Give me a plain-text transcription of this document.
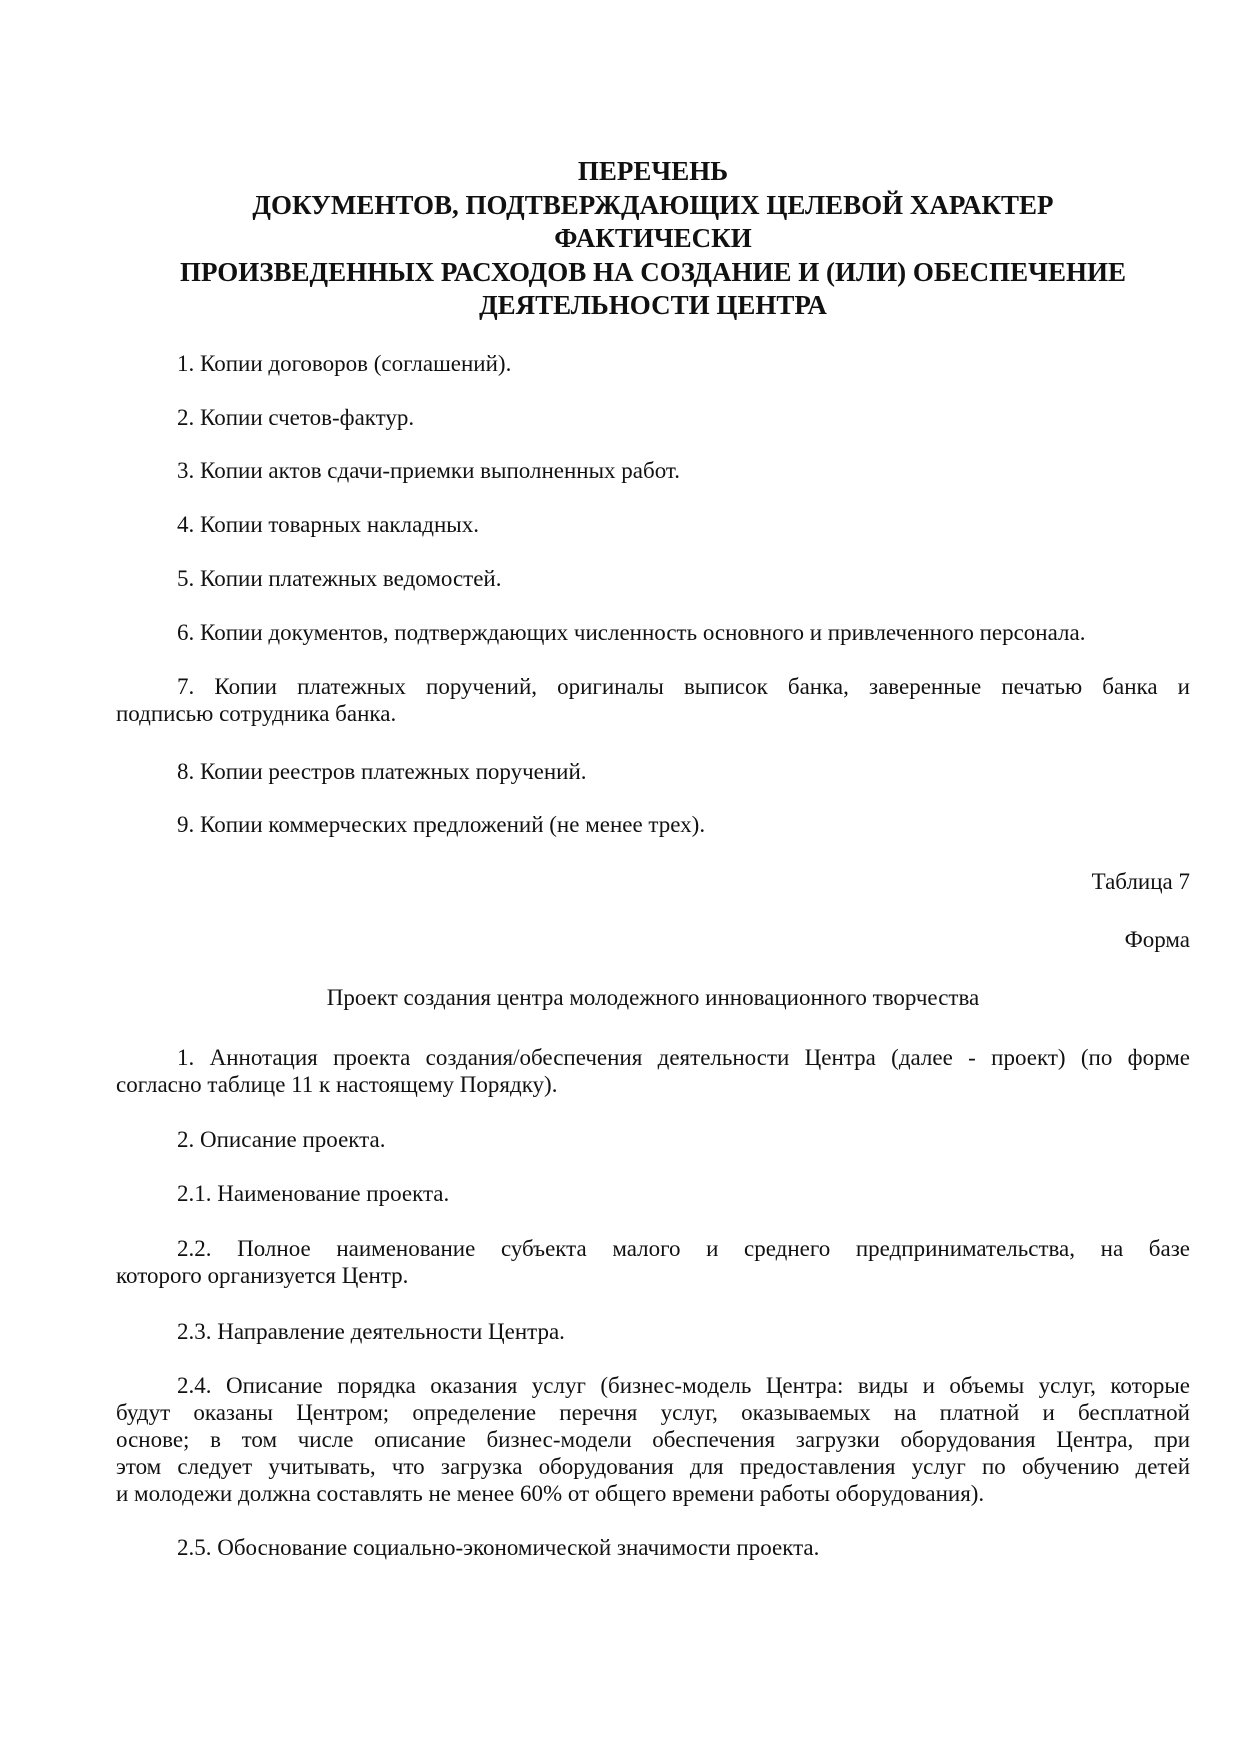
ПЕРЕЧЕНЬ
ДОКУМЕНТОВ, ПОДТВЕРЖДАЮЩИХ ЦЕЛЕВОЙ ХАРАКТЕР
ФАКТИЧЕСКИ
ПРОИЗВЕДЕННЫХ РАСХОДОВ НА СОЗДАНИЕ И (ИЛИ) ОБЕСПЕЧЕНИЕ
ДЕЯТЕЛЬНОСТИ ЦЕНТРА
1. Копии договоров (соглашений).
2. Копии счетов-фактур.
3. Копии актов сдачи-приемки выполненных работ.
4. Копии товарных накладных.
5. Копии платежных ведомостей.
6. Копии документов, подтверждающих численность основного и привлеченного персонала.
7. Копии платежных поручений, оригиналы выписок банка, заверенные печатью банка и
подписью сотрудника банка.
8. Копии реестров платежных поручений.
9. Копии коммерческих предложений (не менее трех).
Таблица 7
Форма
Проект создания центра молодежного инновационного творчества
1. Аннотация проекта создания/обеспечения деятельности Центра (далее - проект) (по форме
согласно таблице 11 к настоящему Порядку).
2. Описание проекта.
2.1. Наименование проекта.
2.2. Полное наименование субъекта малого и среднего предпринимательства, на базе
которого организуется Центр.
2.3. Направление деятельности Центра.
2.4. Описание порядка оказания услуг (бизнес-модель Центра: виды и объемы услуг, которые
будут оказаны Центром; определение перечня услуг, оказываемых на платной и бесплатной
основе; в том числе описание бизнес-модели обеспечения загрузки оборудования Центра, при
этом следует учитывать, что загрузка оборудования для предоставления услуг по обучению детей
и молодежи должна составлять не менее 60% от общего времени работы оборудования).
2.5. Обоснование социально-экономической значимости проекта.
